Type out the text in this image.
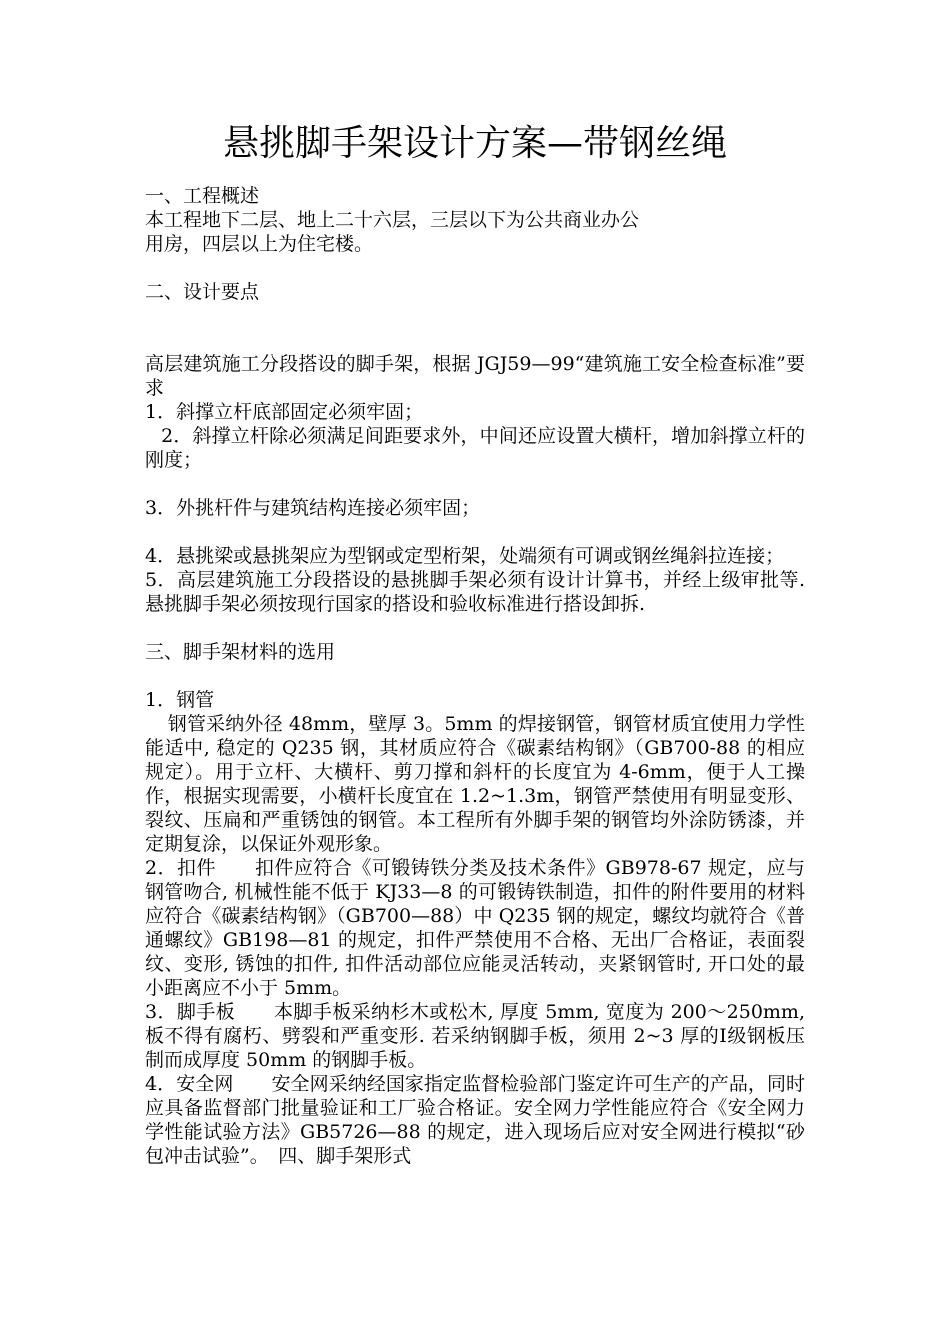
悬挑脚手架设计方案—带钢丝绳

一、工程概述

本工程地下二层、地上二十六层，三层以下为公共商业办公
用房，四层以上为住宅楼。

二、设计要点

高层建筑施工分段搭设的脚手架，根据 JGJ59—99“建筑施工安全检查标准”要求

1．斜撑立杆底部固定必须牢固；

2．斜撑立杆除必须满足间距要求外，中间还应设置大横杆，增加斜撑立杆的刚度；

3．外挑杆件与建筑结构连接必须牢固；

4．悬挑梁或悬挑架应为型钢或定型桁架，处端须有可调或钢丝绳斜拉连接；

5．高层建筑施工分段搭设的悬挑脚手架必须有设计计算书，并经上级审批等.悬挑脚手架必须按现行国家的搭设和验收标准进行搭设卸拆.

三、脚手架材料的选用

1．钢管

钢管采纳外径 48mm，壁厚 3。5mm 的焊接钢管，钢管材质宜使用力学性能适中, 稳定的 Q235 钢，其材质应符合《碳素结构钢》（GB700-88 的相应规定）。用于立杆、大横杆、剪刀撑和斜杆的长度宜为 4-6mm，便于人工操作，根据实现需要，小横杆长度宜在 1.2~1.3m，钢管严禁使用有明显变形、裂纹、压扁和严重锈蚀的钢管。本工程所有外脚手架的钢管均外涂防锈漆，并定期复涂，以保证外观形象。

2．扣件　　扣件应符合《可锻铸铁分类及技术条件》GB978-67 规定，应与钢管吻合, 机械性能不低于 KJ33—8 的可锻铸铁制造，扣件的附件要用的材料应符合《碳素结构钢》（GB700—88）中 Q235 钢的规定，螺纹均就符合《普通螺纹》GB198—81 的规定，扣件严禁使用不合格、无出厂合格证，表面裂纹、变形, 锈蚀的扣件, 扣件活动部位应能灵活转动，夹紧钢管时, 开口处的最小距离应不小于 5mm。

3．脚手板　　本脚手板采纳杉木或松木, 厚度 5mm, 宽度为 200～250mm, 板不得有腐朽、劈裂和严重变形. 若采纳钢脚手板，须用 2~3 厚的Ⅰ级钢板压制而成厚度 50mm 的钢脚手板。

4．安全网　　安全网采纳经国家指定监督检验部门鉴定许可生产的产品，同时应具备监督部门批量验证和工厂验合格证。安全网力学性能应符合《安全网力学性能试验方法》GB5726—88 的规定，进入现场后应对安全网进行模拟“砂包冲击试验”。　四、脚手架形式
